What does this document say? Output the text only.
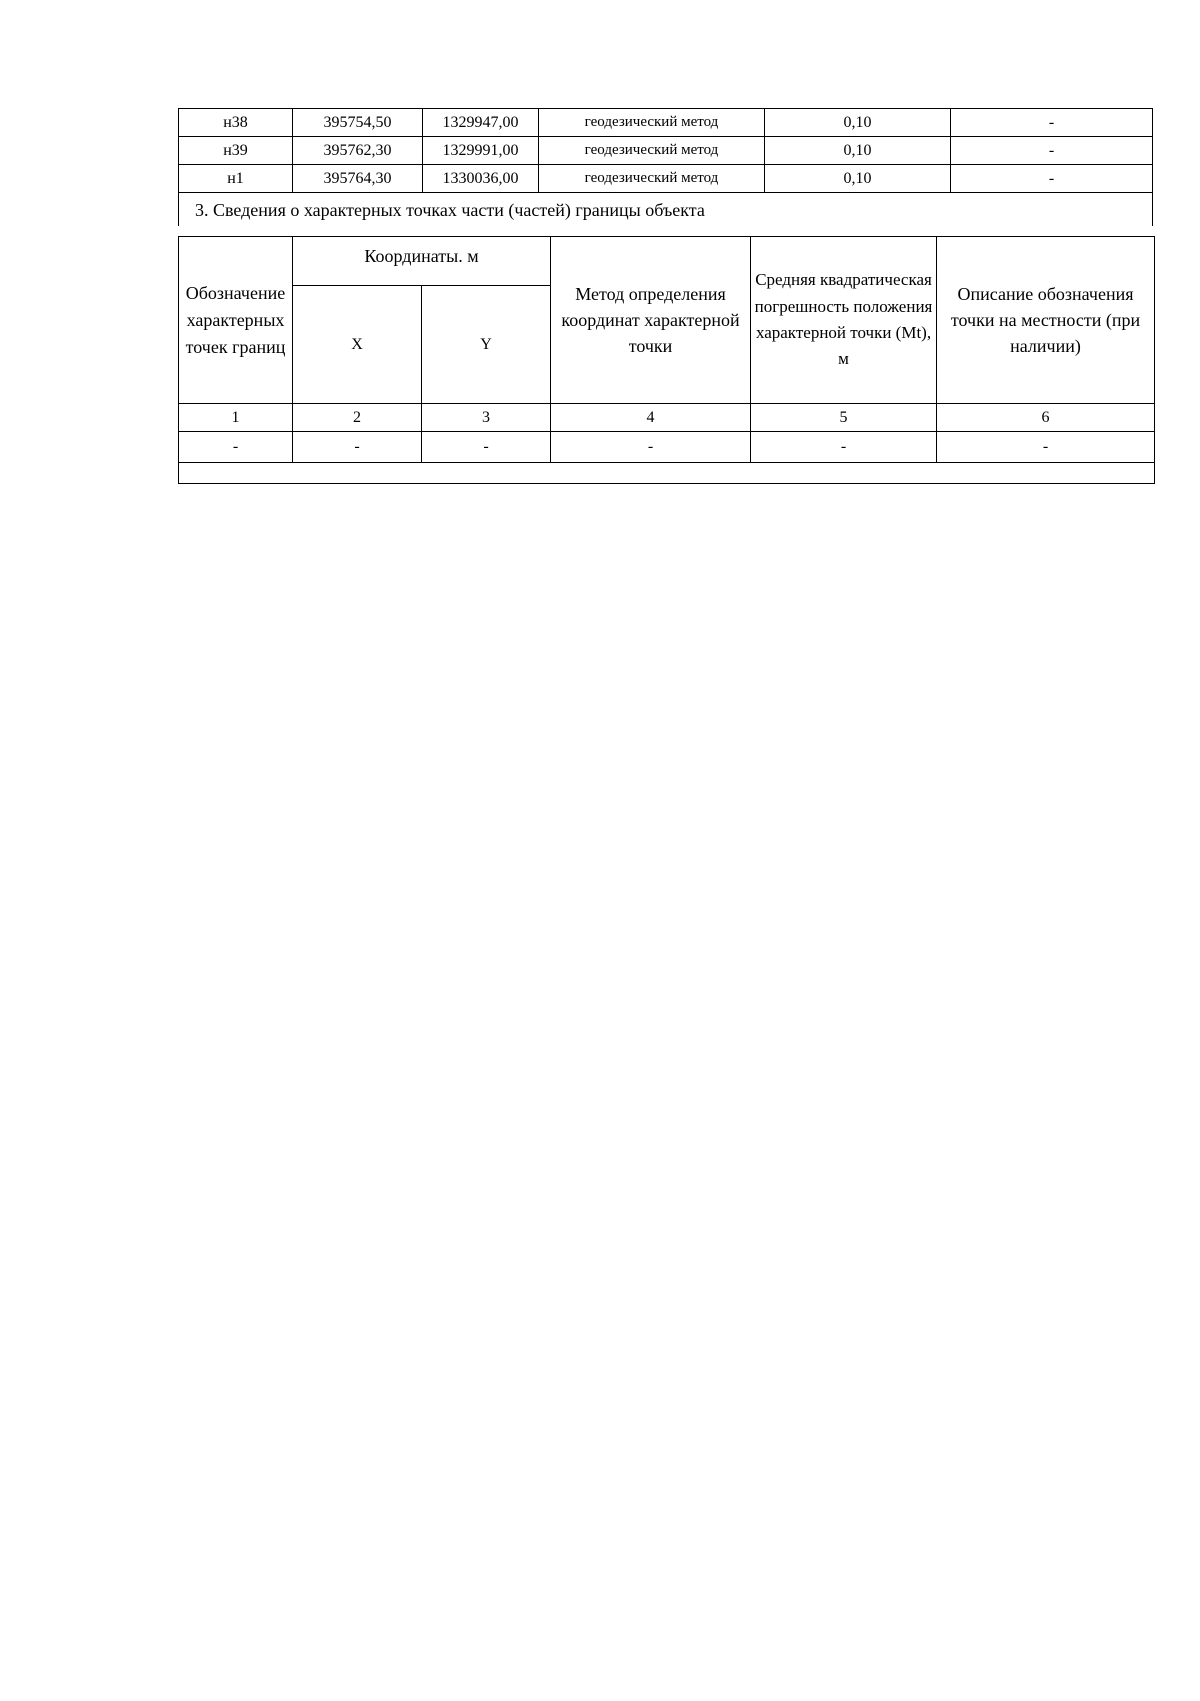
н38	395754,50	1329947,00	геодезический метод	0,10	-
н39	395762,30	1329991,00	геодезический метод	0,10	-
н1	395764,30	1330036,00	геодезический метод	0,10	-
3. Сведения о характерных точках части (частей) границы объекта					
Обозначение характерных точек границ	Координаты. м		Метод определения координат характерной точки	Средняя квадратическая погрешность положения характерной точки (Mt), м	Описание обозначения точки на местности (при наличии)
	X	Y			
1	2	3	4	5	6
-	-	-	-	-	-
